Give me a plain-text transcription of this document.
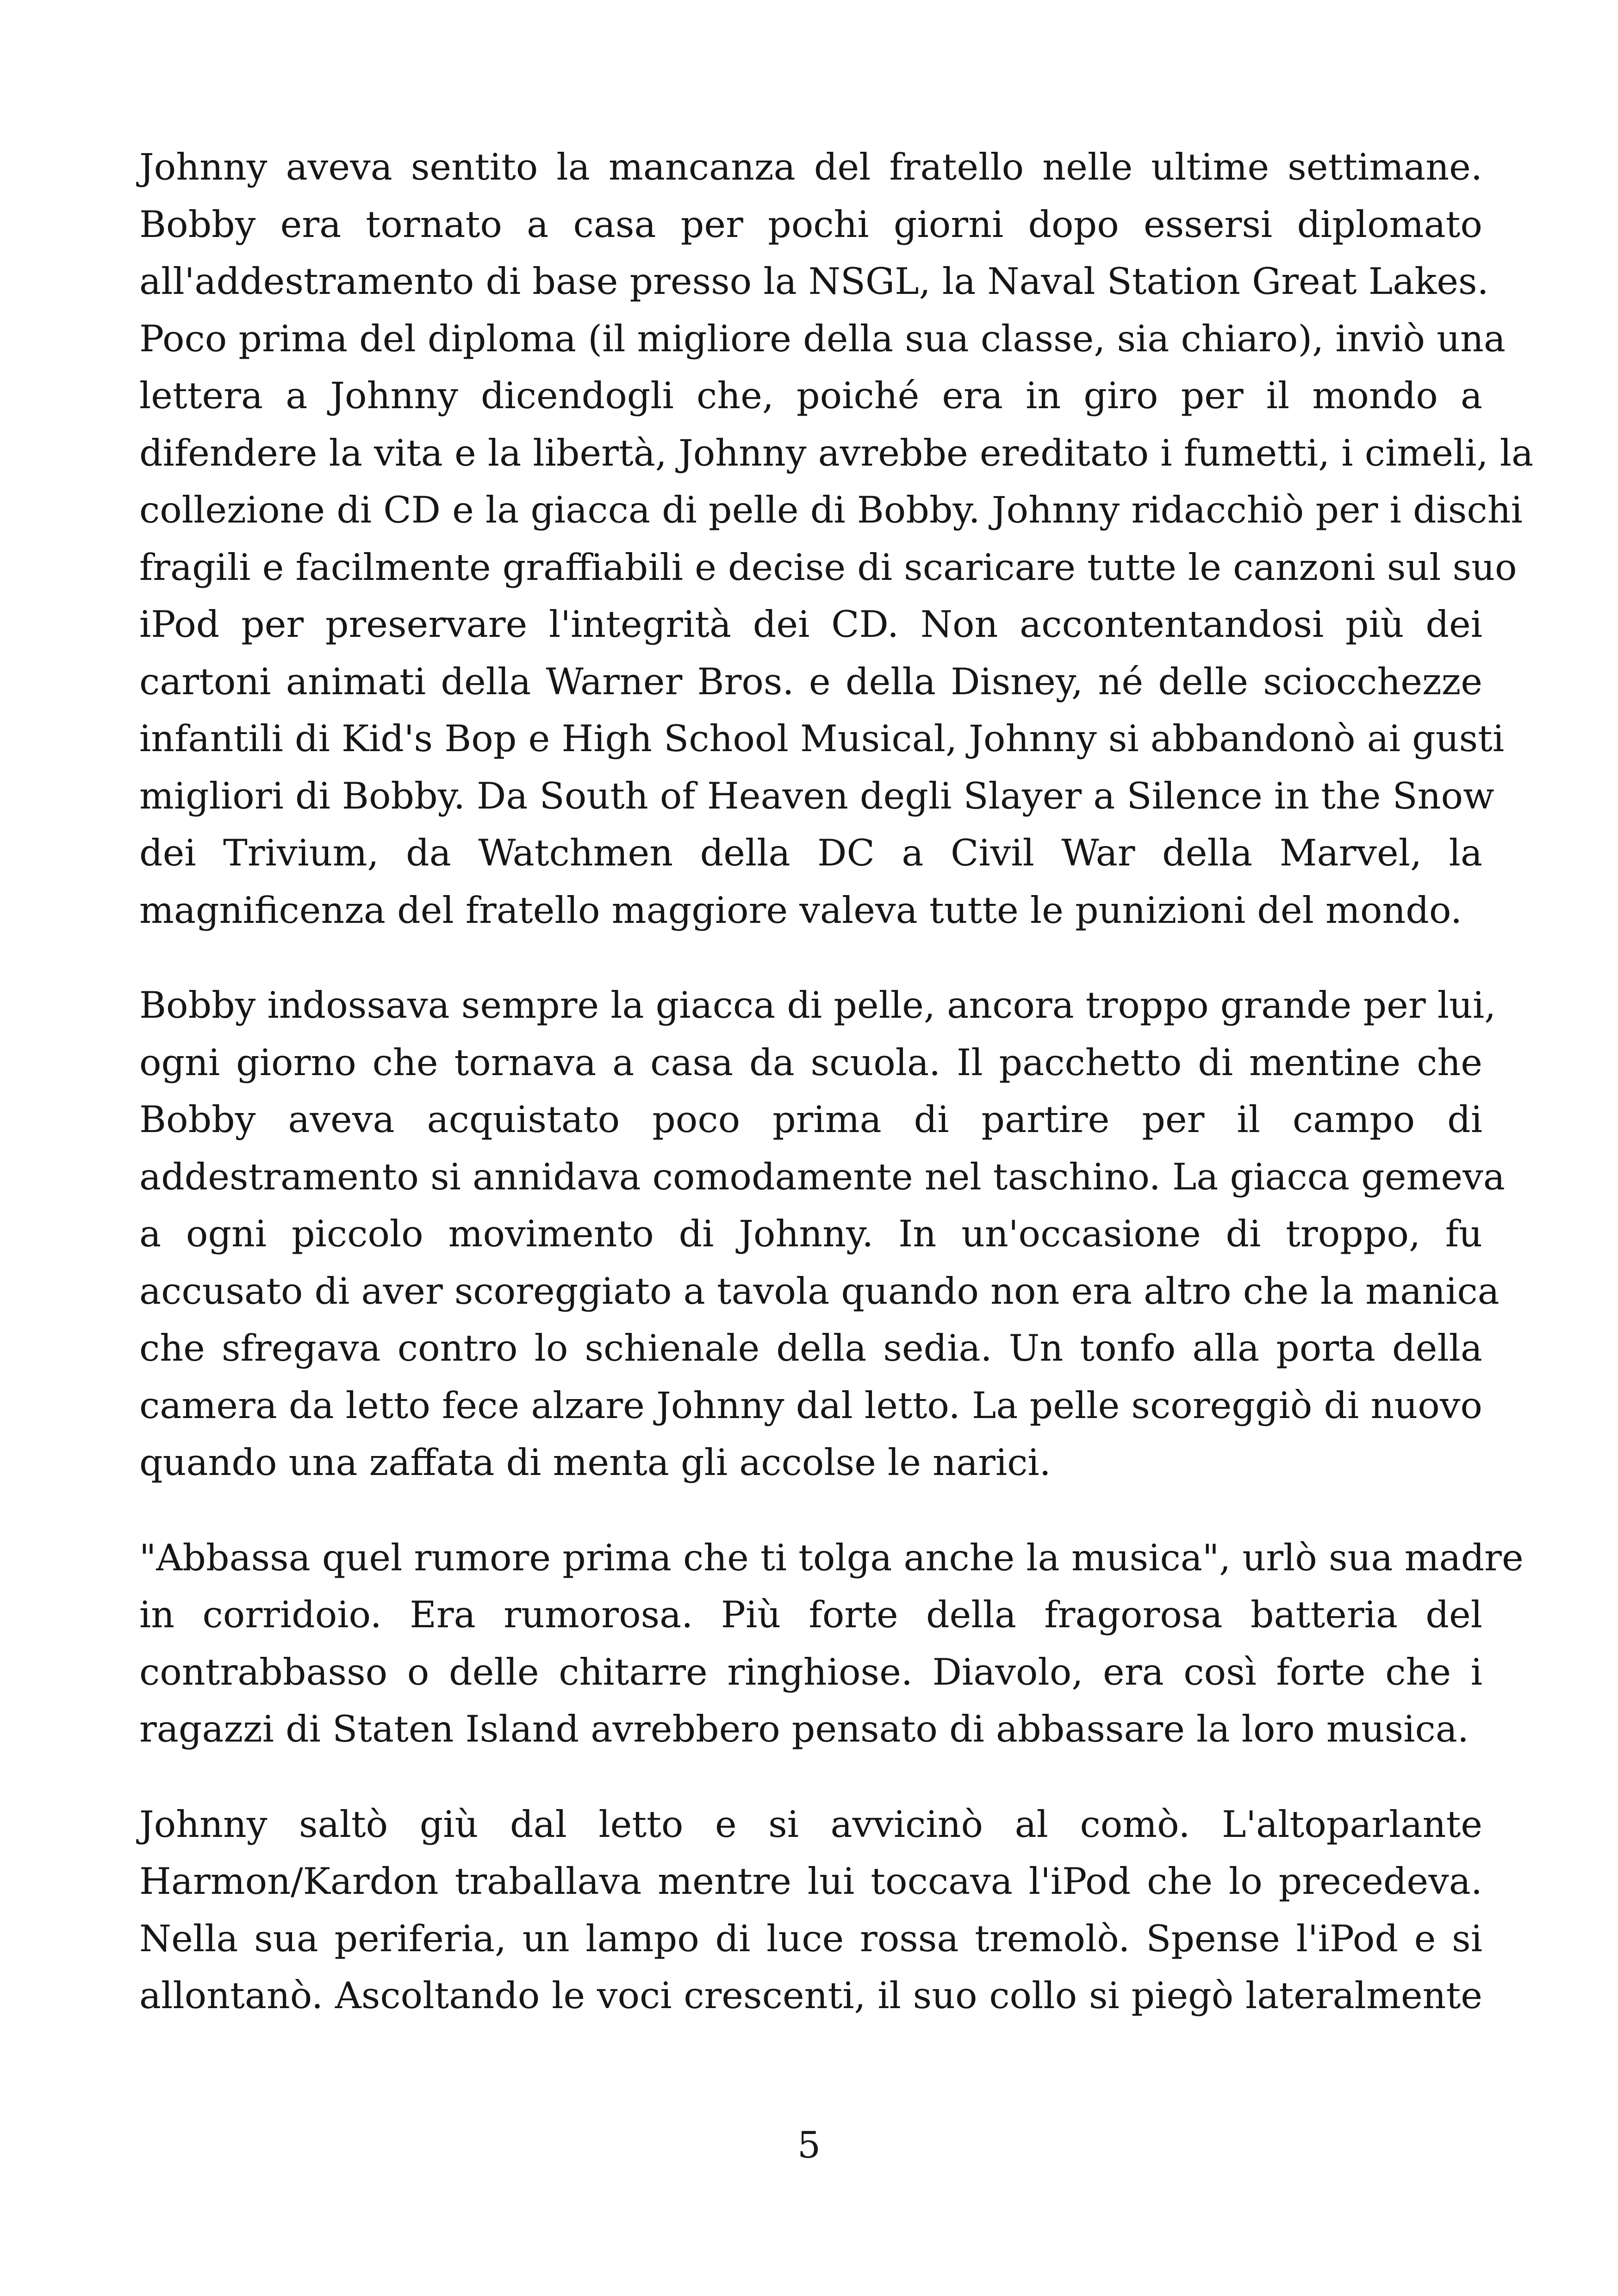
Johnny aveva sentito la mancanza del fratello nelle ultime settimane.
Bobby era tornato a casa per pochi giorni dopo essersi diplomato
all'addestramento di base presso la NSGL, la Naval Station Great Lakes.
Poco prima del diploma (il migliore della sua classe, sia chiaro), inviò una
lettera a Johnny dicendogli che, poiché era in giro per il mondo a
difendere la vita e la libertà, Johnny avrebbe ereditato i fumetti, i cimeli, la
collezione di CD e la giacca di pelle di Bobby. Johnny ridacchiò per i dischi
fragili e facilmente graffiabili e decise di scaricare tutte le canzoni sul suo
iPod per preservare l'integrità dei CD. Non accontentandosi più dei
cartoni animati della Warner Bros. e della Disney, né delle sciocchezze
infantili di Kid's Bop e High School Musical, Johnny si abbandonò ai gusti
migliori di Bobby. Da South of Heaven degli Slayer a Silence in the Snow
dei Trivium, da Watchmen della DC a Civil War della Marvel, la
magnificenza del fratello maggiore valeva tutte le punizioni del mondo.
Bobby indossava sempre la giacca di pelle, ancora troppo grande per lui,
ogni giorno che tornava a casa da scuola. Il pacchetto di mentine che
Bobby aveva acquistato poco prima di partire per il campo di
addestramento si annidava comodamente nel taschino. La giacca gemeva
a ogni piccolo movimento di Johnny. In un'occasione di troppo, fu
accusato di aver scoreggiato a tavola quando non era altro che la manica
che sfregava contro lo schienale della sedia. Un tonfo alla porta della
camera da letto fece alzare Johnny dal letto. La pelle scoreggiò di nuovo
quando una zaffata di menta gli accolse le narici.
"Abbassa quel rumore prima che ti tolga anche la musica", urlò sua madre
in corridoio. Era rumorosa. Più forte della fragorosa batteria del
contrabbasso o delle chitarre ringhiose. Diavolo, era così forte che i
ragazzi di Staten Island avrebbero pensato di abbassare la loro musica.
Johnny saltò giù dal letto e si avvicinò al comò. L'altoparlante
Harmon/Kardon traballava mentre lui toccava l'iPod che lo precedeva.
Nella sua periferia, un lampo di luce rossa tremolò. Spense l'iPod e si
allontanò. Ascoltando le voci crescenti, il suo collo si piegò lateralmente
5
